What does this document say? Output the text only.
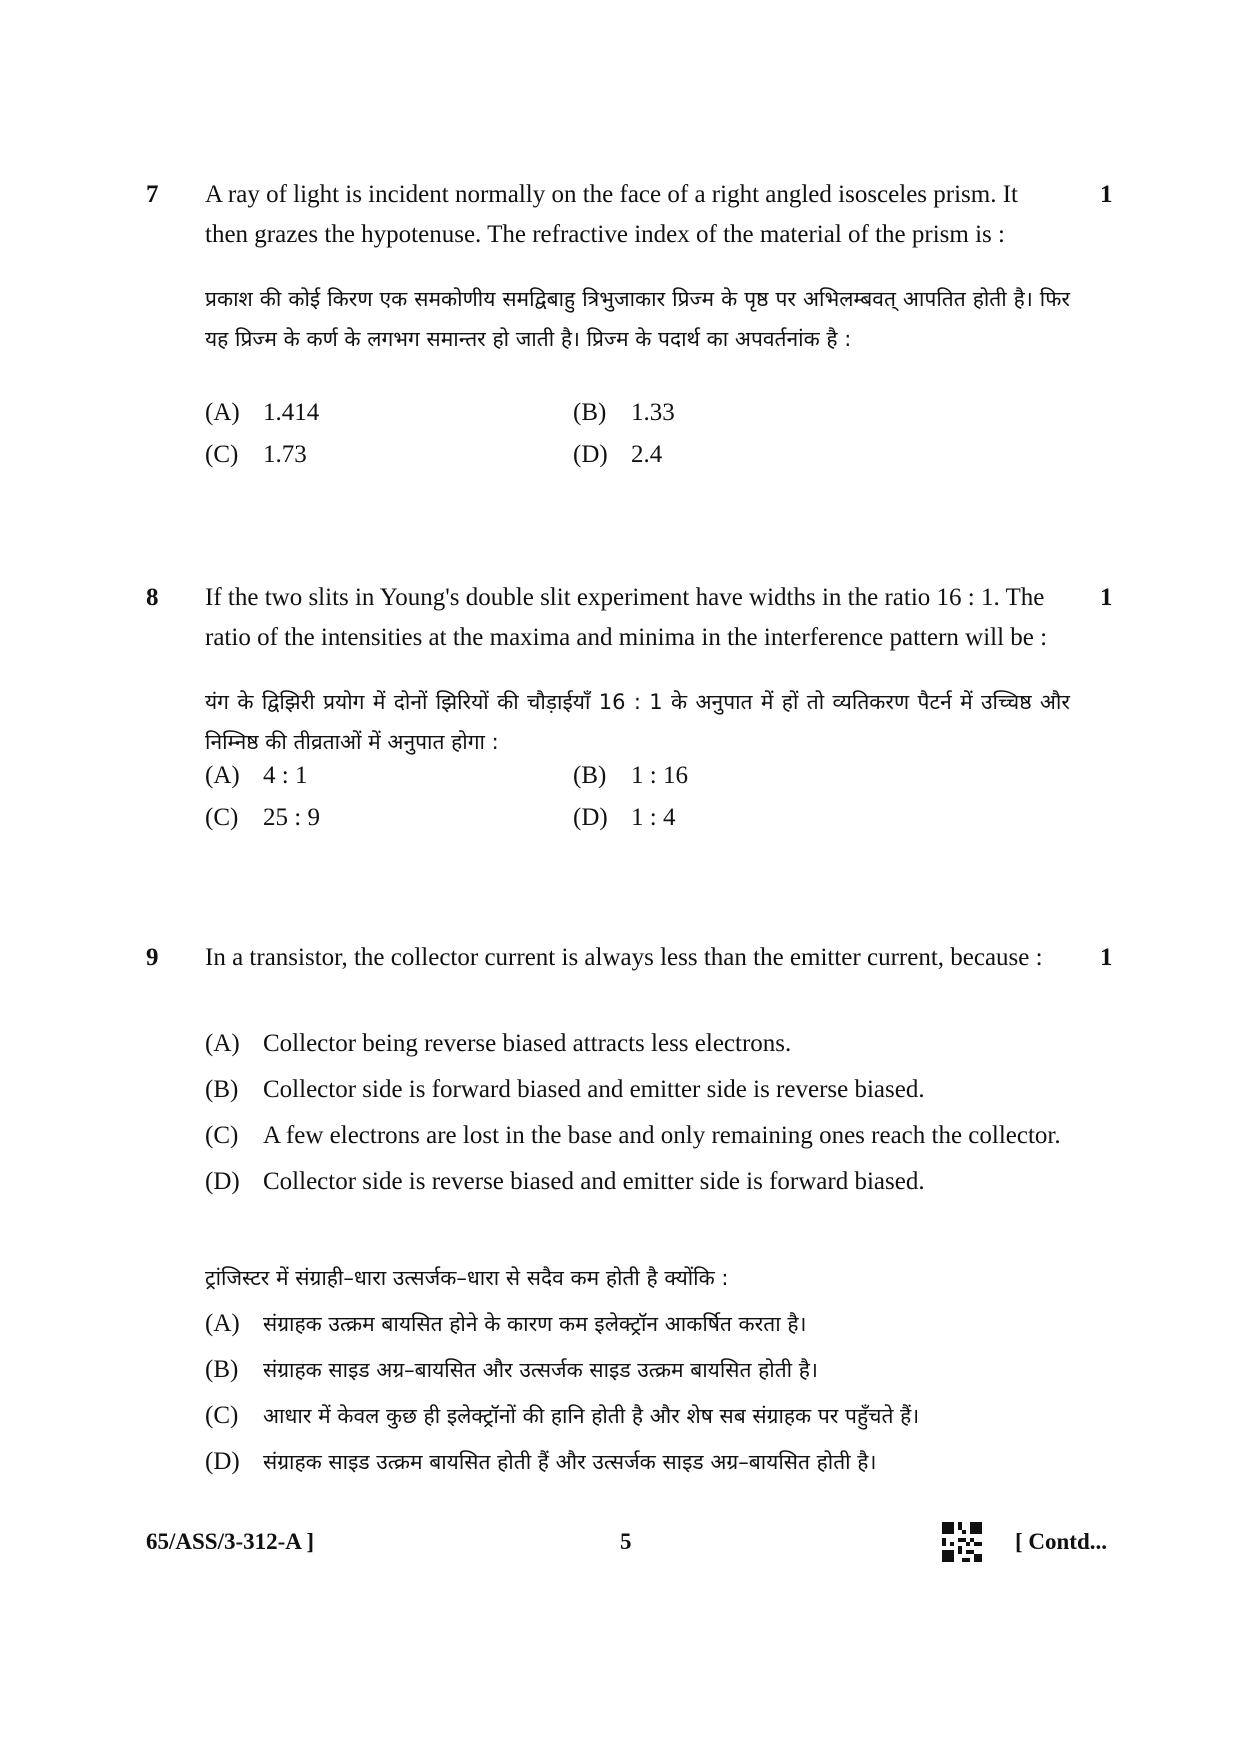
7 A ray of light is incident normally on the face of a right angled isosceles prism. It then grazes the hypotenuse. The refractive index of the material of the prism is :
1
प्रकाश की कोई किरण एक समकोणीय समद्विबाहु त्रिभुजाकार प्रिज्म के पृष्ठ पर अभिलम्बवत् आपतित होती है। फिर यह प्रिज्म के कर्ण के लगभग समान्तर हो जाती है। प्रिज्म के पदार्थ का अपवर्तनांक है :
(A) 1.414	(B) 1.33
(C) 1.73	(D) 2.4
8 If the two slits in Young's double slit experiment have widths in the ratio 16 : 1. The ratio of the intensities at the maxima and minima in the interference pattern will be :
1
यंग के द्विझिरी प्रयोग में दोनों झिरियों की चौड़ाईयाँ 16 : 1 के अनुपात में हों तो व्यतिकरण पैटर्न में उच्चिष्ठ और निम्निष्ठ की तीव्रताओं में अनुपात होगा :
(A) 4 : 1	(B) 1 : 16
(C) 25 : 9	(D) 1 : 4
9 In a transistor, the collector current is always less than the emitter current, because :	1
(A) Collector being reverse biased attracts less electrons.
(B) Collector side is forward biased and emitter side is reverse biased.
(C) A few electrons are lost in the base and only remaining ones reach the collector.
(D) Collector side is reverse biased and emitter side is forward biased.
ट्रांजिस्टर में संग्राही–धारा उत्सर्जक–धारा से सदैव कम होती है क्योंकि :
(A) संग्राहक उत्क्रम बायसित होने के कारण कम इलेक्ट्रॉन आकर्षित करता है।
(B) संग्राहक साइड अग्र–बायसित और उत्सर्जक साइड उत्क्रम बायसित होती है।
(C) आधार में केवल कुछ ही इलेक्ट्रॉनों की हानि होती है और शेष सब संग्राहक पर पहुँचते हैं।
(D) संग्राहक साइड उत्क्रम बायसित होती हैं और उत्सर्जक साइड अग्र–बायसित होती है।
65/ASS/3-312-A ]	5	[ Contd...
